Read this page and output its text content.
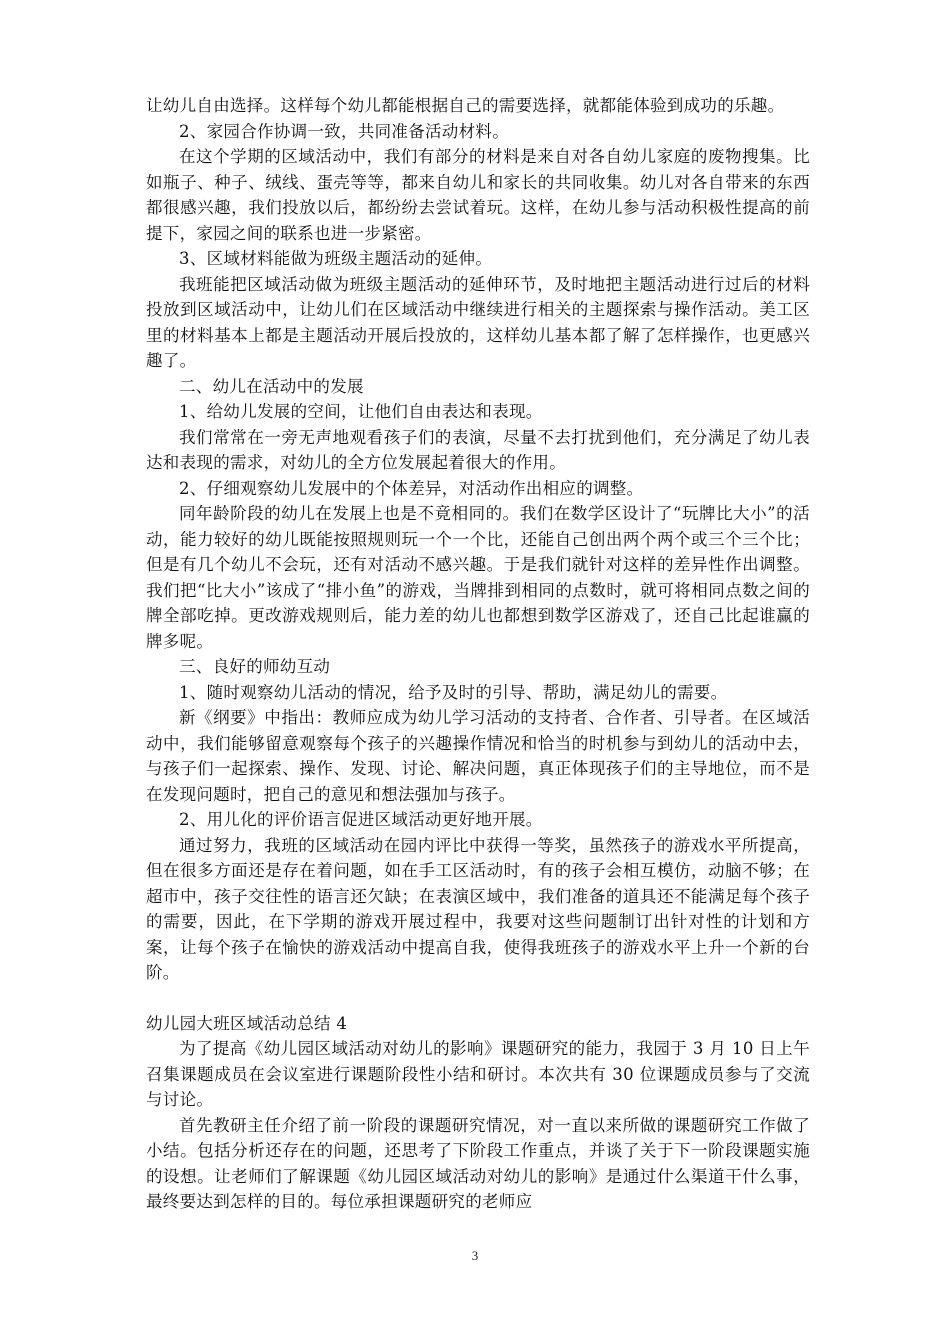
让幼儿自由选择。这样每个幼儿都能根据自己的需要选择，就都能体验到成功的乐趣。

2、家园合作协调一致，共同准备活动材料。

在这个学期的区域活动中，我们有部分的材料是来自对各自幼儿家庭的废物搜集。比如瓶子、种子、绒线、蛋壳等等，都来自幼儿和家长的共同收集。幼儿对各自带来的东西都很感兴趣，我们投放以后，都纷纷去尝试着玩。这样，在幼儿参与活动积极性提高的前提下，家园之间的联系也进一步紧密。

3、区域材料能做为班级主题活动的延伸。

我班能把区域活动做为班级主题活动的延伸环节，及时地把主题活动进行过后的材料投放到区域活动中，让幼儿们在区域活动中继续进行相关的主题探索与操作活动。美工区里的材料基本上都是主题活动开展后投放的，这样幼儿基本都了解了怎样操作，也更感兴趣了。

二、幼儿在活动中的发展

1、给幼儿发展的空间，让他们自由表达和表现。

我们常常在一旁无声地观看孩子们的表演，尽量不去打扰到他们，充分满足了幼儿表达和表现的需求，对幼儿的全方位发展起着很大的作用。

2、仔细观察幼儿发展中的个体差异，对活动作出相应的调整。

同年龄阶段的幼儿在发展上也是不竟相同的。我们在数学区设计了“玩牌比大小”的活动，能力较好的幼儿既能按照规则玩一个一个比，还能自己创出两个两个或三个三个比；但是有几个幼儿不会玩，还有对活动不感兴趣。于是我们就针对这样的差异性作出调整。我们把“比大小”该成了“排小鱼”的游戏，当牌排到相同的点数时，就可将相同点数之间的牌全部吃掉。更改游戏规则后，能力差的幼儿也都想到数学区游戏了，还自己比起谁赢的牌多呢。

三、良好的师幼互动

1、随时观察幼儿活动的情况，给予及时的引导、帮助，满足幼儿的需要。

新《纲要》中指出：教师应成为幼儿学习活动的支持者、合作者、引导者。在区域活动中，我们能够留意观察每个孩子的兴趣操作情况和恰当的时机参与到幼儿的活动中去，与孩子们一起探索、操作、发现、讨论、解决问题，真正体现孩子们的主导地位，而不是在发现问题时，把自己的意见和想法强加与孩子。

2、用儿化的评价语言促进区域活动更好地开展。

通过努力，我班的区域活动在园内评比中获得一等奖，虽然孩子的游戏水平所提高，但在很多方面还是存在着问题，如在手工区活动时，有的孩子会相互模仿，动脑不够；在超市中，孩子交往性的语言还欠缺；在表演区域中，我们准备的道具还不能满足每个孩子的需要，因此，在下学期的游戏开展过程中，我要对这些问题制订出针对性的计划和方案，让每个孩子在愉快的游戏活动中提高自我，使得我班孩子的游戏水平上升一个新的台阶。

幼儿园大班区域活动总结 4

为了提高《幼儿园区域活动对幼儿的影响》课题研究的能力，我园于 3 月 10 日上午召集课题成员在会议室进行课题阶段性小结和研讨。本次共有 30 位课题成员参与了交流与讨论。

首先教研主任介绍了前一阶段的课题研究情况，对一直以来所做的课题研究工作做了小结。包括分析还存在的问题，还思考了下阶段工作重点，并谈了关于下一阶段课题实施的设想。让老师们了解课题《幼儿园区域活动对幼儿的影响》是通过什么渠道干什么事，最终要达到怎样的目的。每位承担课题研究的老师应

3
